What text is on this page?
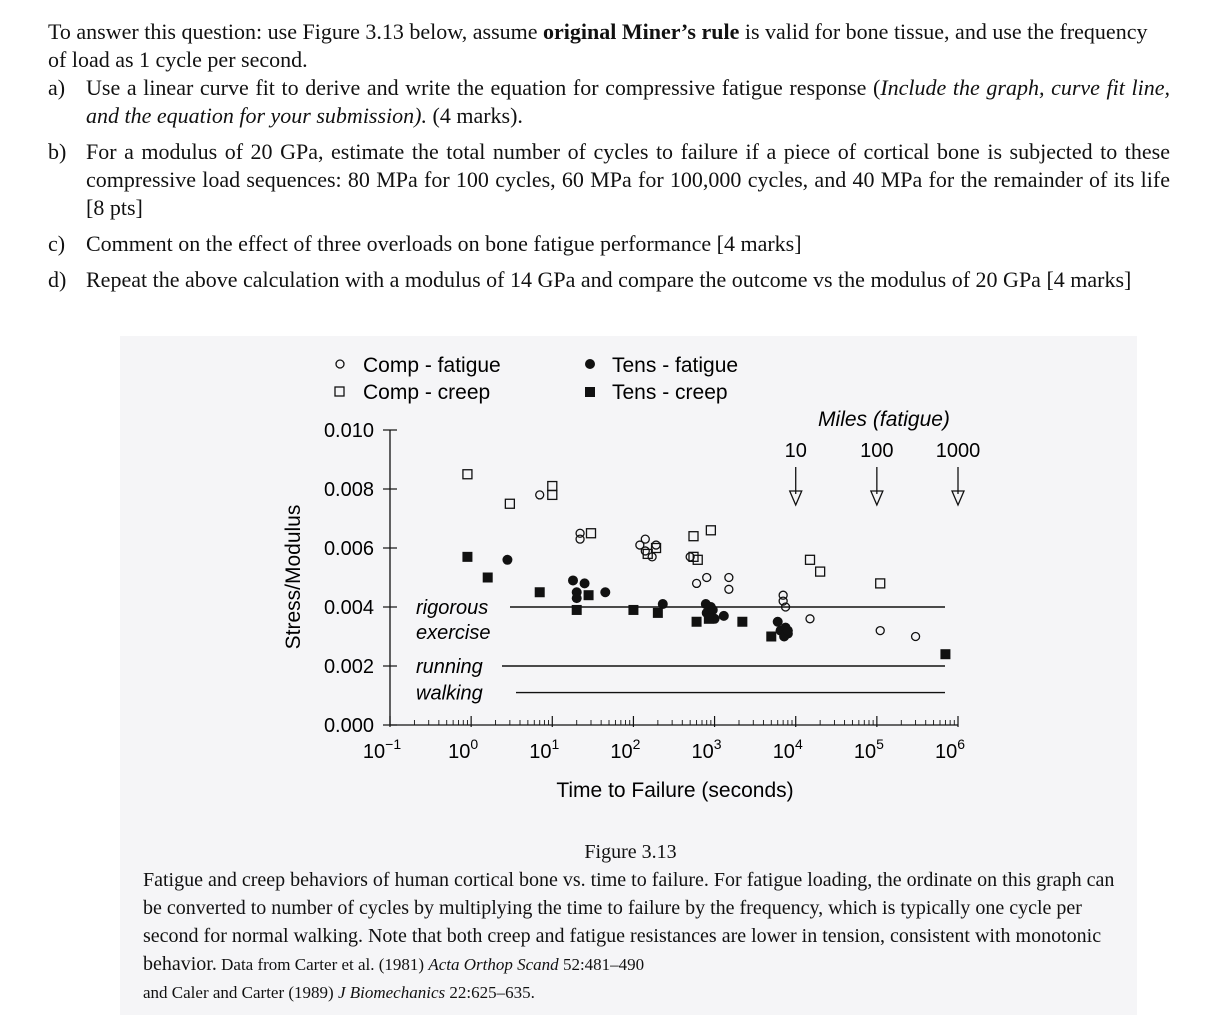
To answer this question: use Figure 3.13 below, assume original Miner’s rule is valid for bone tissue, and use the frequency of load as 1 cycle per second.

a) Use a linear curve fit to derive and write the equation for compressive fatigue response (Include the graph, curve fit line, and the equation for your submission). (4 marks).
b) For a modulus of 20 GPa, estimate the total number of cycles to failure if a piece of cortical bone is subjected to these compressive load sequences: 80 MPa for 100 cycles, 60 MPa for 100,000 cycles, and 40 MPa for the remainder of its life [8 pts]
c) Comment on the effect of three overloads on bone fatigue performance [4 marks]
d) Repeat the above calculation with a modulus of 14 GPa and compare the outcome vs the modulus of 20 GPa [4 marks]
Comp - fatigue
Comp - creep
Tens - fatigue
Tens - creep
Miles (fatigue)
10	100 1000
0.000
0.002
0.004
0.006
0.008
0.010
$10^{-1}$ $10^0$	$10^1$	$10^2$	$10^3$	$10^4$	$10^5$	$10^6$
rigorous
exercise
running
walking
Time to Failure (seconds)
Stress/Modulus
Figure 3.13
Fatigue and creep behaviors of human cortical bone vs. time to failure. For fatigue loading, the ordinate on this graph can be converted to number of cycles by multiplying the time to failure by the frequency, which is typically one cycle per second for normal walking. Note that both creep and fatigue resistances are lower in tension, consistent with monotonic behavior. Data from Carter et al. (1981) Acta Orthop Scand 52:481–490
and Caler and Carter (1989) J Biomechanics 22:625–635.
